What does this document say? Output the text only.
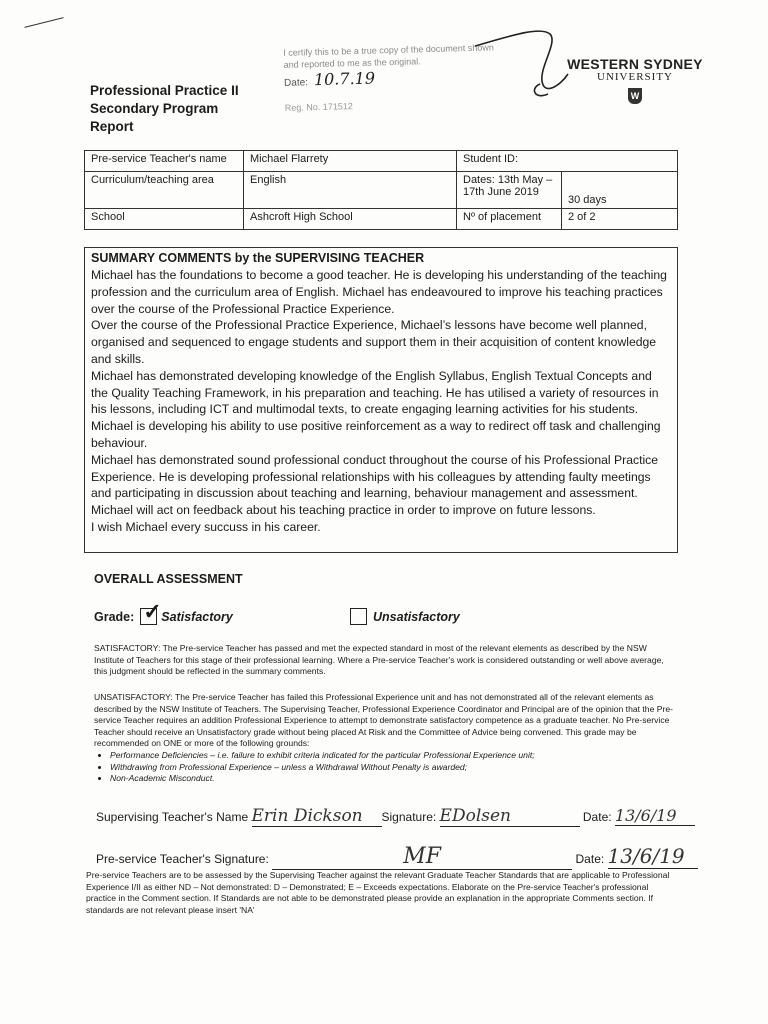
Professional Practice II
Secondary Program
Report
I certify this to be a true copy of the document shown and reported to me as the original.
Date: 10.7.19
Reg. No. 171512
WESTERN SYDNEY
UNIVERSITY
W
Pre-service Teacher's name	Michael Flarrety	Student ID:	
Curriculum/teaching area	English	Dates: 13th May – 17th June 2019	30 days
School	Ashcroft High School	Nº of placement	2 of 2
SUMMARY COMMENTS by the SUPERVISING TEACHER

Michael has the foundations to become a good teacher. He is developing his understanding of the teaching profession and the curriculum area of English. Michael has endeavoured to improve his teaching practices over the course of the Professional Practice Experience.

Over the course of the Professional Practice Experience, Michael’s lessons have become well planned, organised and sequenced to engage students and support them in their acquisition of content knowledge and skills.

Michael has demonstrated developing knowledge of the English Syllabus, English Textual Concepts and the Quality Teaching Framework, in his preparation and teaching. He has utilised a variety of resources in his lessons, including ICT and multimodal texts, to create engaging learning activities for his students. Michael is developing his ability to use positive reinforcement as a way to redirect off task and challenging behaviour.

Michael has demonstrated sound professional conduct throughout the course of his Professional Practice Experience. He is developing professional relationships with his colleagues by attending faulty meetings and participating in discussion about teaching and learning, behaviour management and assessment. Michael will act on feedback about his teaching practice in order to improve on future lessons.

I wish Michael every succuss in his career.

OVERALL ASSESSMENT
Grade: ✓ Satisfactory	Unsatisfactory
SATISFACTORY: The Pre-service Teacher has passed and met the expected standard in most of the relevant elements as described by the NSW Institute of Teachers for this stage of their professional learning. Where a Pre-service Teacher's work is considered outstanding or well above average, this judgment should be reflected in the summary comments.
UNSATISFACTORY: The Pre-service Teacher has failed this Professional Experience unit and has not demonstrated all of the relevant elements as described by the NSW Institute of Teachers. The Supervising Teacher, Professional Experience Coordinator and Principal are of the opinion that the Pre-service Teacher requires an addition Professional Experience to attempt to demonstrate satisfactory competence as a graduate teacher. No Pre-service Teacher should receive an Unsatisfactory grade without being placed At Risk and the Committee of Advice being convened. This grade may be recommended on ONE or more of the following grounds:
• Performance Deficiencies – i.e. failure to exhibit criteria indicated for the particular Professional Experience unit;
• Withdrawing from Professional Experience – unless a Withdrawal Without Penalty is awarded;
• Non-Academic Misconduct.
Supervising Teacher's Name Erin Dickson Signature: EDolsen	Date: 13/6/19
Pre-service Teacher's Signature:	MF	Date: 13/6/19
Pre-service Teachers are to be assessed by the Supervising Teacher against the relevant Graduate Teacher Standards that are applicable to Professional Experience I/II as either ND – Not demonstrated: D – Demonstrated; E – Exceeds expectations. Elaborate on the Pre-service Teacher's professional practice in the Comment section. If Standards are not able to be demonstrated please provide an explanation in the appropriate Comments section. If standards are not relevant please insert 'NA'
